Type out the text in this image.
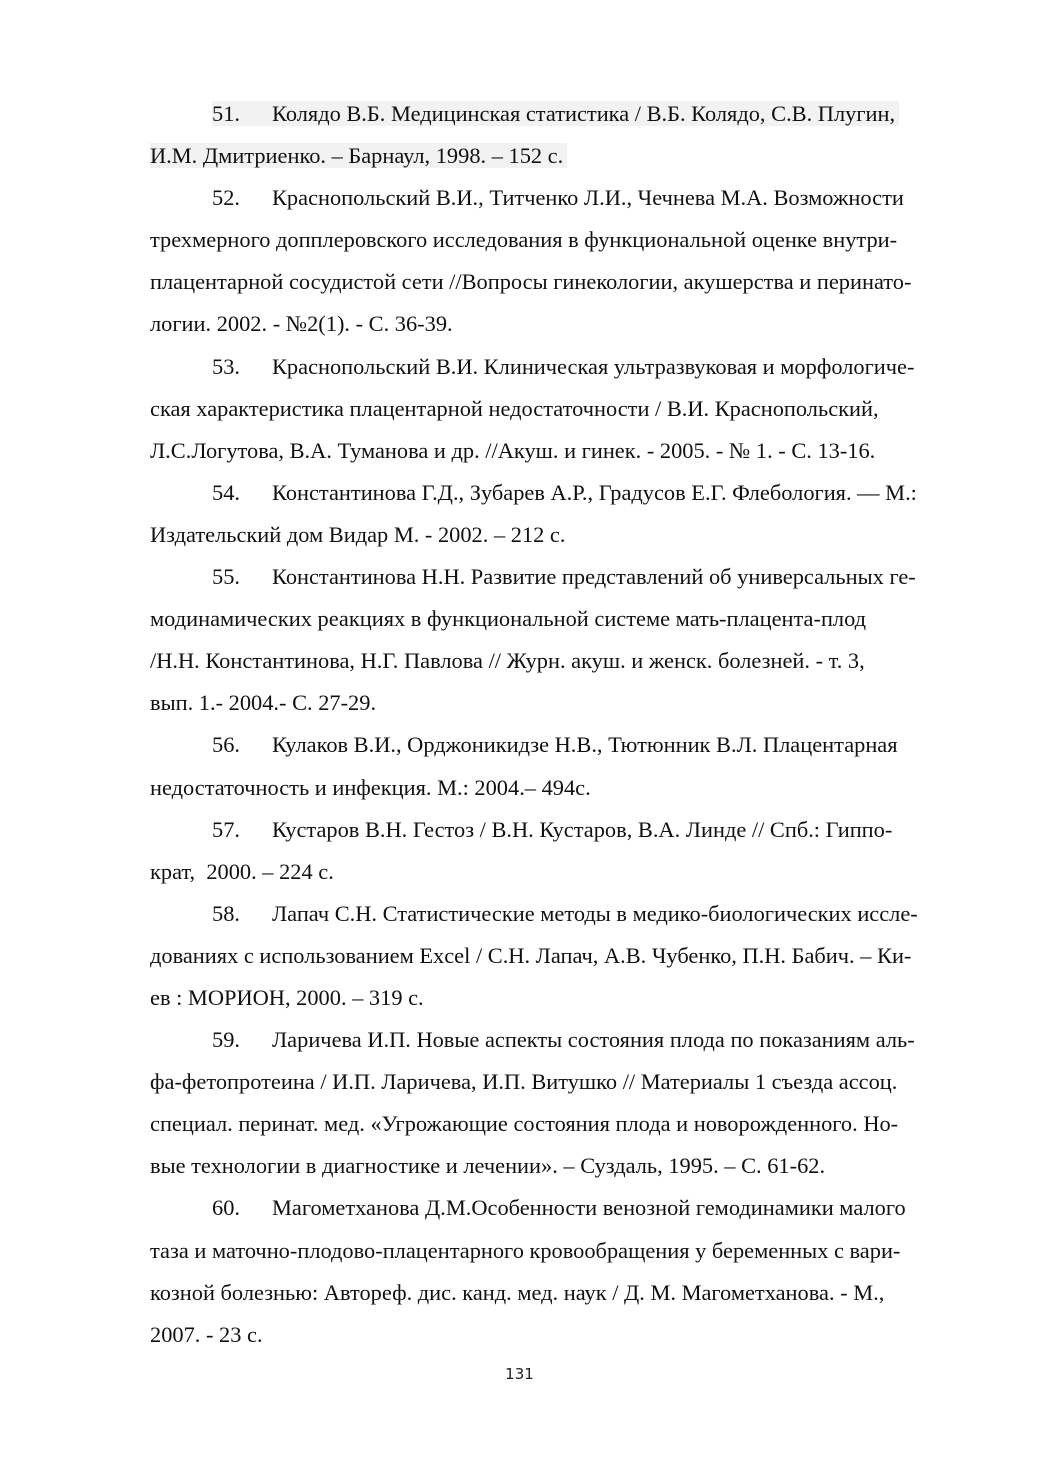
51. Колядо В.Б. Медицинская статистика / В.Б. Колядо, С.В. Плугин,
И.М. Дмитриенко. – Барнаул, 1998. – 152 с.
52. Краснопольский В.И., Титченко Л.И., Чечнева М.А. Возможности
трехмерного допплеровского исследования в функциональной оценке внутри-
плацентарной сосудистой сети //Вопросы гинекологии, акушерства и перинато-
логии. 2002. - №2(1). - С. 36-39.
53. Краснопольский В.И. Клиническая ультразвуковая и морфологиче-
ская характеристика плацентарной недостаточности / В.И. Краснопольский,
Л.С.Логутова, В.А. Туманова и др. //Акуш. и гинек. - 2005. - № 1. - С. 13-16.
54. Константинова Г.Д., Зубарев А.Р., Градусов Е.Г. Флебология. — М.:
Издательский дом Видар М. - 2002. – 212 с.
55. Константинова Н.Н. Развитие представлений об универсальных ге-
модинамических реакциях в функциональной системе мать-плацента-плод
/Н.Н. Константинова, Н.Г. Павлова // Журн. акуш. и женск. болезней. - т. 3,
вып. 1.- 2004.- С. 27-29.
56. Кулаков В.И., Орджоникидзе Н.В., Тютюнник В.Л. Плацентарная
недостаточность и инфекция. М.: 2004.– 494с.
57. Кустаров В.Н. Гестоз / В.Н. Кустаров, В.А. Линде // Спб.: Гиппо-
крат,  2000. – 224 с.
58. Лапач С.Н. Статистические методы в медико-биологических иссле-
дованиях с использованием Excel / С.Н. Лапач, А.В. Чубенко, П.Н. Бабич. – Ки-
ев : МОРИОН, 2000. – 319 с.
59. Ларичева И.П. Новые аспекты состояния плода по показаниям аль-
фа-фетопротеина / И.П. Ларичева, И.П. Витушко // Материалы 1 съезда ассоц.
специал. перинат. мед. «Угрожающие состояния плода и новорожденного. Но-
вые технологии в диагностике и лечении». – Суздаль, 1995. – С. 61-62.
60. Магометханова Д.М.Особенности венозной гемодинамики малого
таза и маточно-плодово-плацентарного кровообращения у беременных с вари-
козной болезнью: Автореф. дис. канд. мед. наук / Д. М. Магометханова. - М.,
2007. - 23 с.
131
